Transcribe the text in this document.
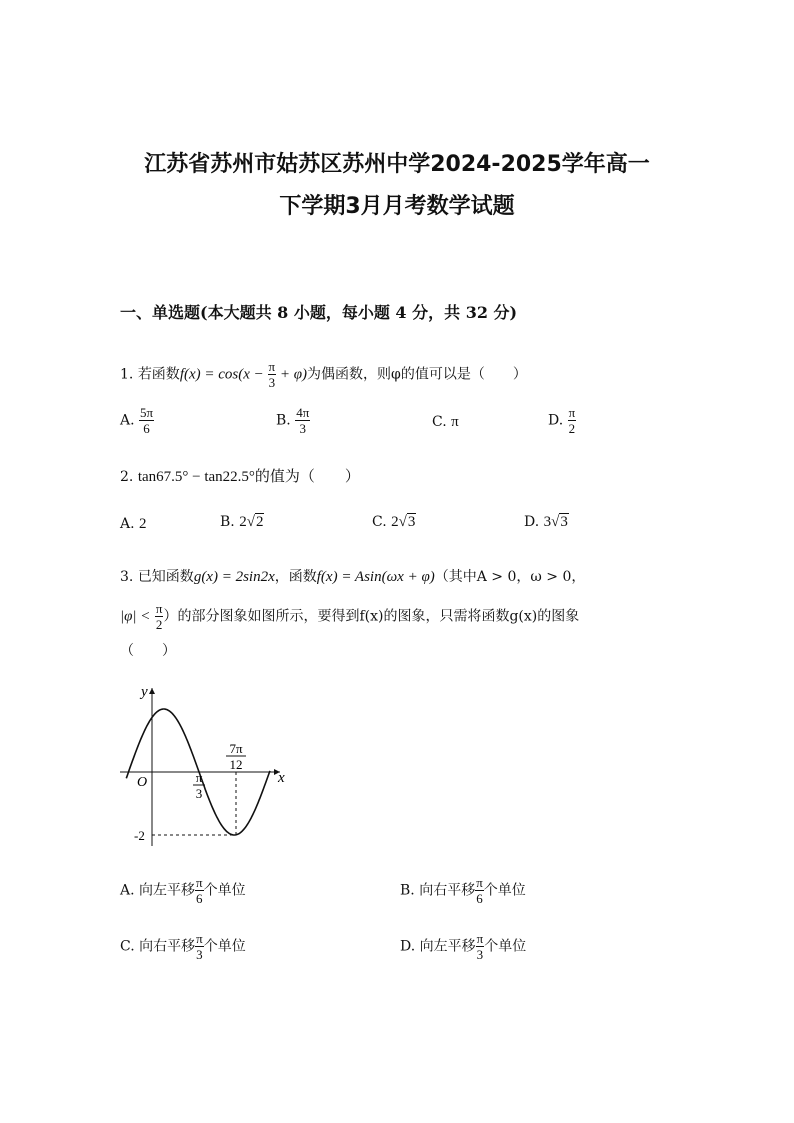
江苏省苏州市姑苏区苏州中学2024-2025学年高一
下学期3月月考数学试题
一、单选题(本大题共 8 小题，每小题 4 分，共 32 分)
1. 若函数$f(x) = \cos(x - \frac{\pi}{3} + \varphi)$为偶函数，则φ的值可以是（　　）
A. $\frac{5\pi}{6}$	B. $\frac{4\pi}{3}$	C. π	D. $\frac{\pi}{2}$
2. tan67.5° − tan22.5°的值为（　　）
A. 2	B. 2√2	C. 2√3	D. 3√3
3. 已知函数g(x) = 2sin2x，函数f(x) = Asin(ωx + φ)（其中A > 0，ω > 0，
$|\varphi| < \frac{\pi}{2}$ ）的部分图象如图所示，要得到f(x)的图象，只需将函数g(x)的图象
（　　）
y
x
O	π
3
7π
12
-2
A. 向左平移 $\frac{\pi}{6}$ 个单位	B. 向右平移 $\frac{\pi}{6}$ 个单位
C. 向右平移 $\frac{\pi}{3}$ 个单位	D. 向左平移 $\frac{\pi}{3}$ 个单位
